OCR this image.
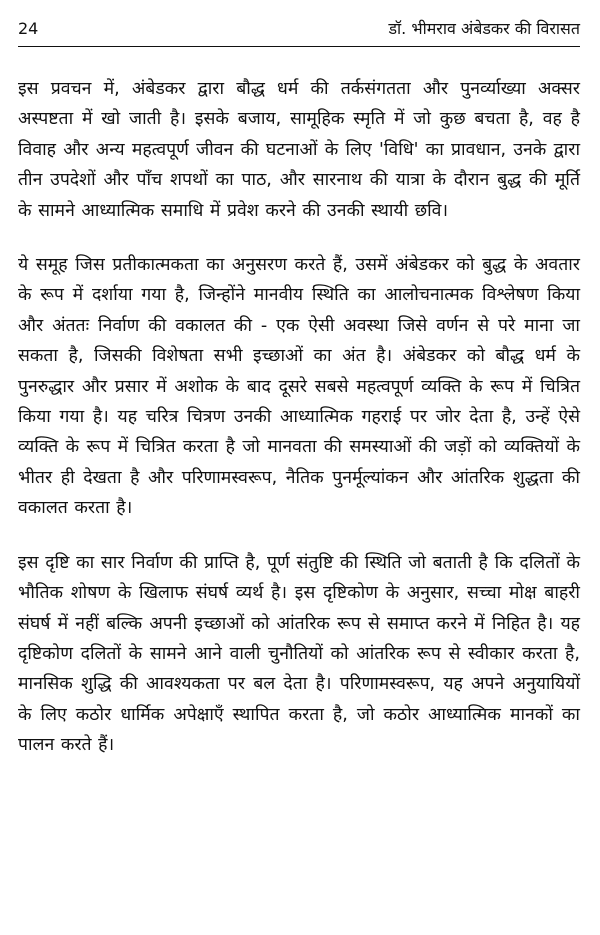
24	डॉ. भीमराव अंबेडकर की विरासत

इस प्रवचन में, अंबेडकर द्वारा बौद्ध धर्म की तर्कसंगतता और पुनर्व्याख्या अक्सर अस्पष्टता में खो जाती है। इसके बजाय, सामूहिक स्मृति में जो कुछ बचता है, वह है विवाह और अन्य महत्वपूर्ण जीवन की घटनाओं के लिए 'विधि' का प्रावधान, उनके द्वारा तीन उपदेशों और पाँच शपथों का पाठ, और सारनाथ की यात्रा के दौरान बुद्ध की मूर्ति के सामने आध्यात्मिक समाधि में प्रवेश करने की उनकी स्थायी छवि।

ये समूह जिस प्रतीकात्मकता का अनुसरण करते हैं, उसमें अंबेडकर को बुद्ध के अवतार के रूप में दर्शाया गया है, जिन्होंने मानवीय स्थिति का आलोचनात्मक विश्लेषण किया और अंततः निर्वाण की वकालत की - एक ऐसी अवस्था जिसे वर्णन से परे माना जा सकता है, जिसकी विशेषता सभी इच्छाओं का अंत है। अंबेडकर को बौद्ध धर्म के पुनरुद्धार और प्रसार में अशोक के बाद दूसरे सबसे महत्वपूर्ण व्यक्ति के रूप में चित्रित किया गया है। यह चरित्र चित्रण उनकी आध्यात्मिक गहराई पर जोर देता है, उन्हें ऐसे व्यक्ति के रूप में चित्रित करता है जो मानवता की समस्याओं की जड़ों को व्यक्तियों के भीतर ही देखता है और परिणामस्वरूप, नैतिक पुनर्मूल्यांकन और आंतरिक शुद्धता की वकालत करता है।

इस दृष्टि का सार निर्वाण की प्राप्ति है, पूर्ण संतुष्टि की स्थिति जो बताती है कि दलितों के भौतिक शोषण के खिलाफ संघर्ष व्यर्थ है। इस दृष्टिकोण के अनुसार, सच्चा मोक्ष बाहरी संघर्ष में नहीं बल्कि अपनी इच्छाओं को आंतरिक रूप से समाप्त करने में निहित है। यह दृष्टिकोण दलितों के सामने आने वाली चुनौतियों को आंतरिक रूप से स्वीकार करता है, मानसिक शुद्धि की आवश्यकता पर बल देता है। परिणामस्वरूप, यह अपने अनुयायियों के लिए कठोर धार्मिक अपेक्षाएँ स्थापित करता है, जो कठोर आध्यात्मिक मानकों का पालन करते हैं।
